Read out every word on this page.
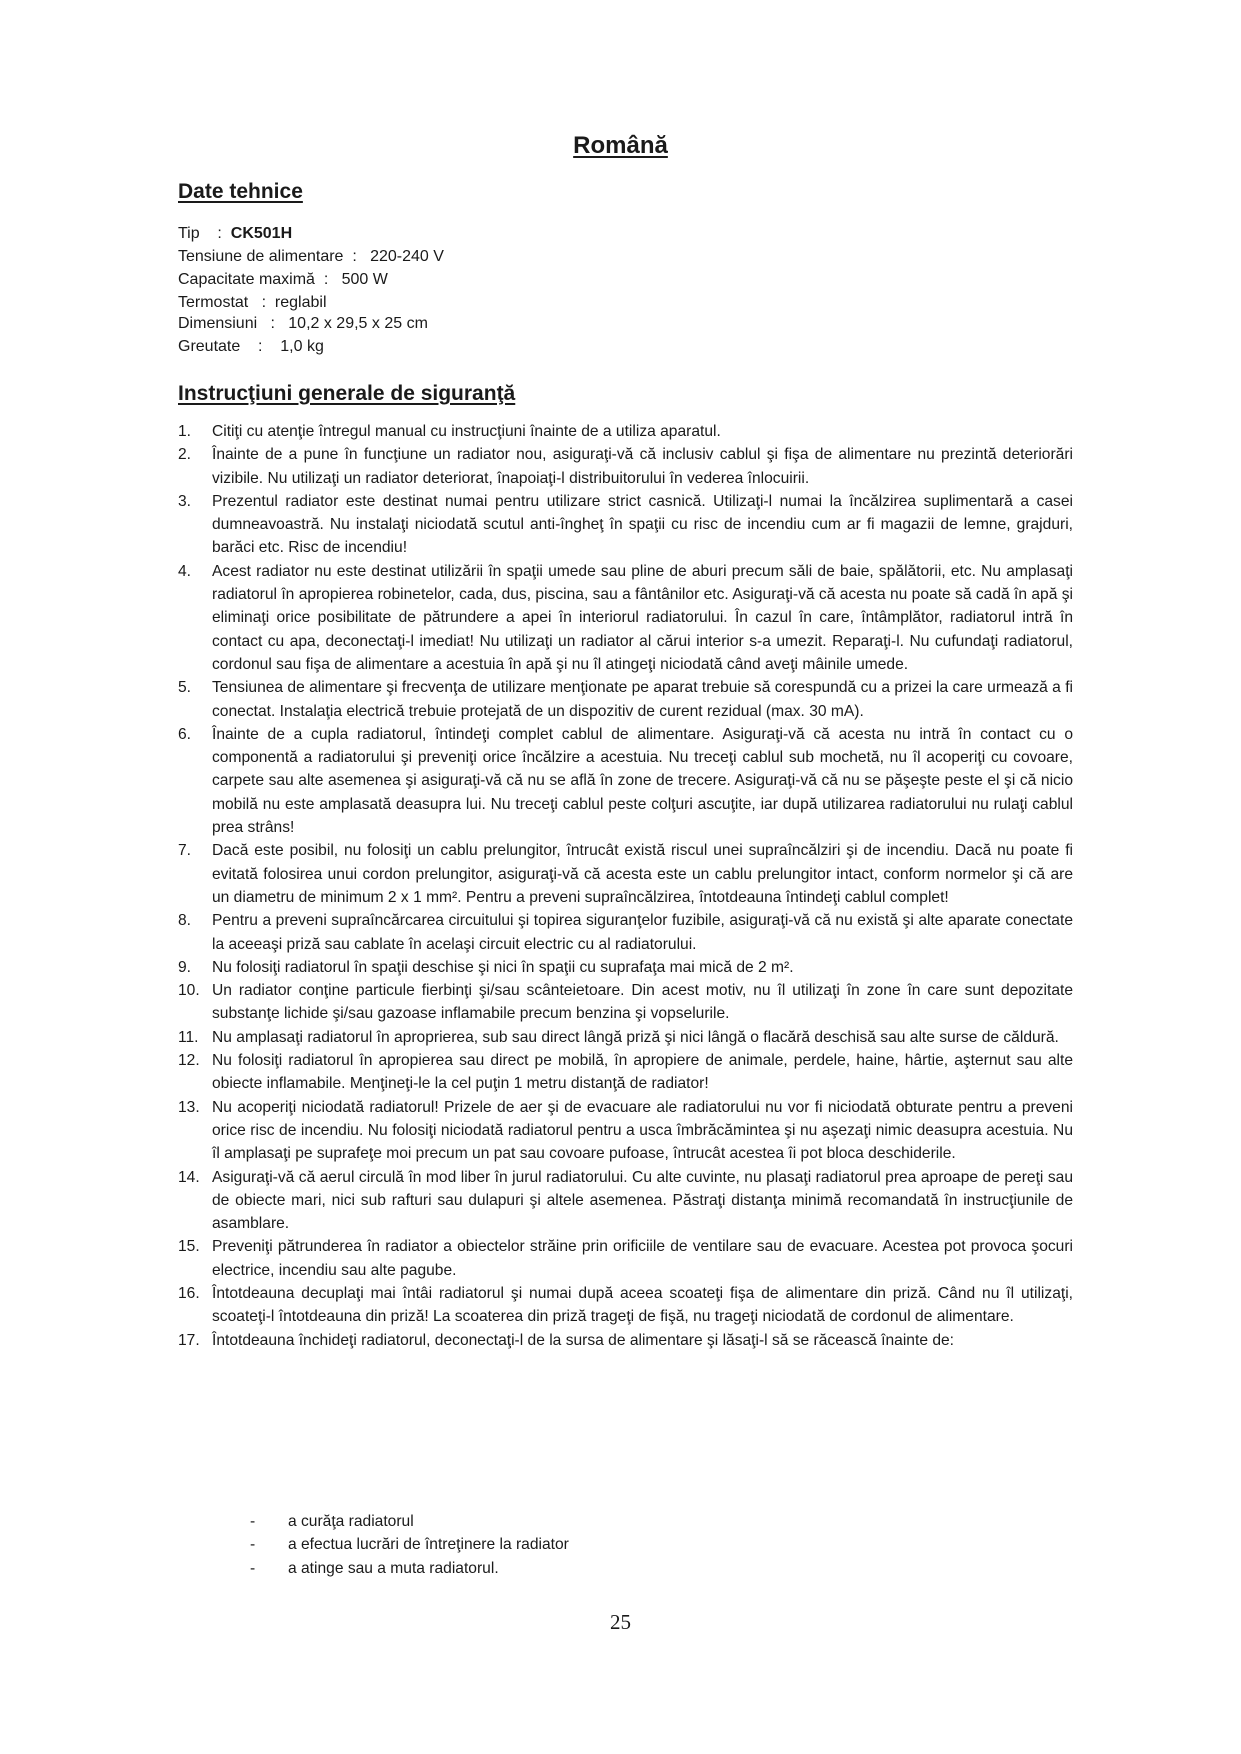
Română
Date tehnice
Tip    :  CK501H
Tensiune de alimentare  :   220-240 V
Capacitate maximă  :   500 W
Termostat   :  reglabil
Dimensiuni   :   10,2 x 29,5 x 25 cm
Greutate    :    1,0 kg
Instrucţiuni generale de siguranţă
1. Citiţi cu atenţie întregul manual cu instrucţiuni înainte de a utiliza aparatul.
2. Înainte de a pune în funcţiune un radiator nou, asiguraţi-vă că inclusiv cablul şi fişa de alimentare nu prezintă deteriorări vizibile. Nu utilizaţi un radiator deteriorat, înapoiaţi-l distribuitorului în vederea înlocuirii.
3. Prezentul radiator este destinat numai pentru utilizare strict casnică. Utilizaţi-l numai la încălzirea suplimentară a casei dumneavoastră. Nu instalaţi niciodată scutul anti-îngheţ în spaţii cu risc de incendiu cum ar fi magazii de lemne, grajduri, barăci etc. Risc de incendiu!
4. Acest radiator nu este destinat utilizării în spaţii umede sau pline de aburi precum săli de baie, spălătorii, etc. Nu amplasaţi radiatorul în apropierea robinetelor, cada, dus, piscina, sau a fântânilor etc. Asiguraţi-vă că acesta nu poate să cadă în apă şi eliminaţi orice posibilitate de pătrundere a apei în interiorul radiatorului. În cazul în care, întâmplător, radiatorul intră în contact cu apa, deconectaţi-l imediat! Nu utilizaţi un radiator al cărui interior s-a umezit. Reparaţi-l. Nu cufundaţi radiatorul, cordonul sau fişa de alimentare a acestuia în apă şi nu îl atingeţi niciodată când aveţi mâinile umede.
5. Tensiunea de alimentare şi frecvenţa de utilizare menţionate pe aparat trebuie să corespundă cu a prizei la care urmează a fi conectat. Instalaţia electrică trebuie protejată de un dispozitiv de curent rezidual (max. 30 mA).
6. Înainte de a cupla radiatorul, întindeţi complet cablul de alimentare. Asiguraţi-vă că acesta nu intră în contact cu o componentă a radiatorului şi preveniţi orice încălzire a acestuia. Nu treceţi cablul sub mochetă, nu îl acoperiţi cu covoare, carpete sau alte asemenea şi asiguraţi-vă că nu se află în zone de trecere. Asiguraţi-vă că nu se păşeşte peste el şi că nicio mobilă nu este amplasată deasupra lui. Nu treceţi cablul peste colţuri ascuţite, iar după utilizarea radiatorului nu rulaţi cablul prea strâns!
7. Dacă este posibil, nu folosiţi un cablu prelungitor, întrucât există riscul unei supraîncălziri şi de incendiu. Dacă nu poate fi evitată folosirea unui cordon prelungitor, asiguraţi-vă că acesta este un cablu prelungitor intact, conform normelor şi că are un diametru de minimum 2 x 1 mm². Pentru a preveni supraîncălzirea, întotdeauna întindeţi cablul complet!
8. Pentru a preveni supraîncărcarea circuitului şi topirea siguranţelor fuzibile, asiguraţi-vă că nu există şi alte aparate conectate la aceeaşi priză sau cablate în acelaşi circuit electric cu al radiatorului.
9. Nu folosiţi radiatorul în spaţii deschise şi nici în spaţii cu suprafaţa mai mică de 2 m².
10. Un radiator conţine particule fierbinţi şi/sau scânteietoare. Din acest motiv, nu îl utilizaţi în zone în care sunt depozitate substanţe lichide şi/sau gazoase inflamabile precum benzina şi vopselurile.
11. Nu amplasaţi radiatorul în aproprierea, sub sau direct lângă priză şi nici lângă o flacără deschisă sau alte surse de căldură.
12. Nu folosiţi radiatorul în apropierea sau direct pe mobilă, în apropiere de animale, perdele, haine, hârtie, aşternut sau alte obiecte inflamabile. Menţineţi-le la cel puţin 1 metru distanţă de radiator!
13. Nu acoperiţi niciodată radiatorul! Prizele de aer şi de evacuare ale radiatorului nu vor fi niciodată obturate pentru a preveni orice risc de incendiu. Nu folosiţi niciodată radiatorul pentru a usca îmbrăcămintea şi nu aşezaţi nimic deasupra acestuia. Nu îl amplasaţi pe suprafeţe moi precum un pat sau covoare pufoase, întrucât acestea îi pot bloca deschiderile.
14. Asiguraţi-vă că aerul circulă în mod liber în jurul radiatorului. Cu alte cuvinte, nu plasaţi radiatorul prea aproape de pereţi sau de obiecte mari, nici sub rafturi sau dulapuri şi altele asemenea. Păstraţi distanţa minimă recomandată în instrucţiunile de asamblare.
15. Preveniţi pătrunderea în radiator a obiectelor străine prin orificiile de ventilare sau de evacuare. Acestea pot provoca şocuri electrice, incendiu sau alte pagube.
16. Întotdeauna decuplaţi mai întâi radiatorul şi numai după aceea scoateţi fişa de alimentare din priză. Când nu îl utilizaţi, scoateţi-l întotdeauna din priză! La scoaterea din priză trageţi de fişă, nu trageţi niciodată de cordonul de alimentare.
17. Întotdeauna închideţi radiatorul, deconectaţi-l de la sursa de alimentare şi lăsaţi-l să se răcească înainte de:
-	a curăţa radiatorul
-	a efectua lucrări de întreţinere la radiator
-	a atinge sau a muta radiatorul.
25
